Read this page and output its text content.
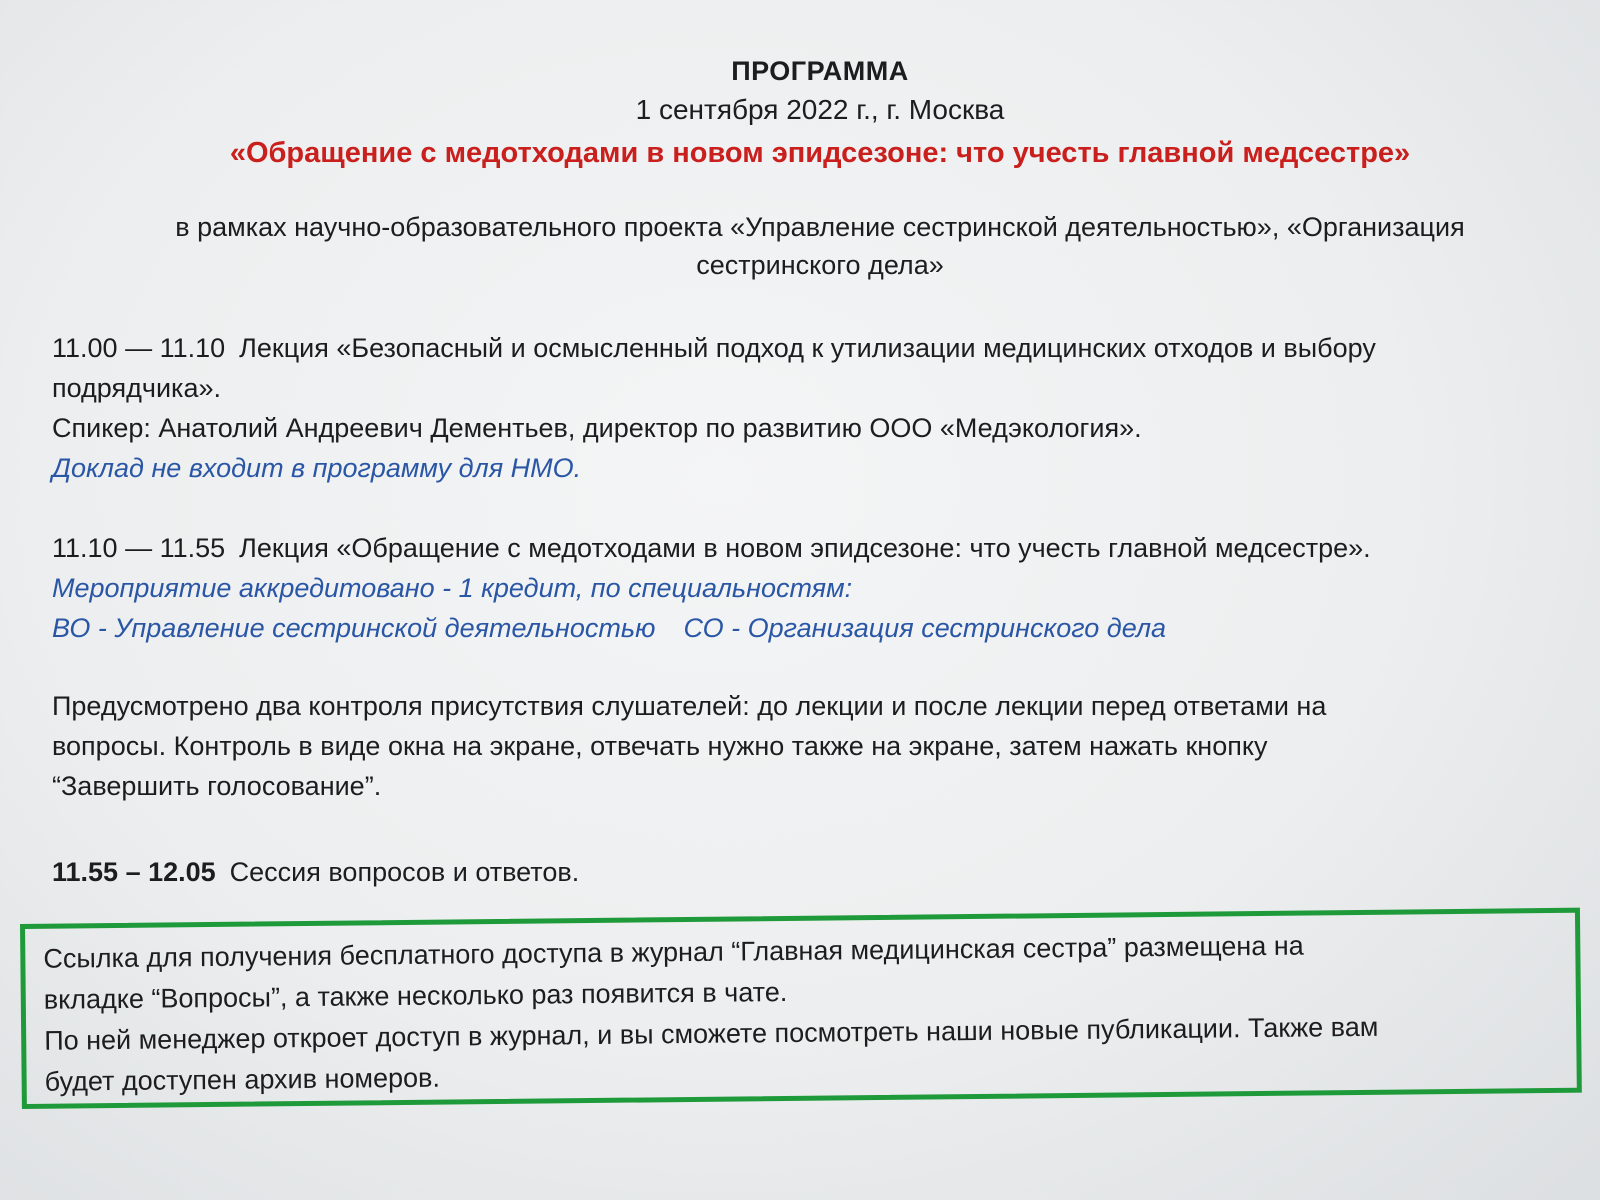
ПРОГРАММА
1 сентября 2022 г., г. Москва
«Обращение с медотходами в новом эпидсезоне: что учесть главной медсестре»
в рамках научно-образовательного проекта «Управление сестринской деятельностью», «Организация
сестринского дела»
11.00 — 11.10 Лекция «Безопасный и осмысленный подход к утилизации медицинских отходов и выбору
подрядчика».
Спикер: Анатолий Андреевич Дементьев, директор по развитию ООО «Медэкология».
Доклад не входит в программу для НМО.
11.10 — 11.55 Лекция «Обращение с медотходами в новом эпидсезоне: что учесть главной медсестре».
Мероприятие аккредитовано - 1 кредит, по специальностям:
ВО - Управление сестринской деятельностью СО - Организация сестринского дела
Предусмотрено два контроля присутствия слушателей: до лекции и после лекции перед ответами на
вопросы. Контроль в виде окна на экране, отвечать нужно также на экране, затем нажать кнопку
“Завершить голосование”.
11.55 – 12.05 Сессия вопросов и ответов.
Ссылка для получения бесплатного доступа в журнал “Главная медицинская сестра” размещена на
вкладке “Вопросы”, а также несколько раз появится в чате.
По ней менеджер откроет доступ в журнал, и вы сможете посмотреть наши новые публикации. Также вам
будет доступен архив номеров.
